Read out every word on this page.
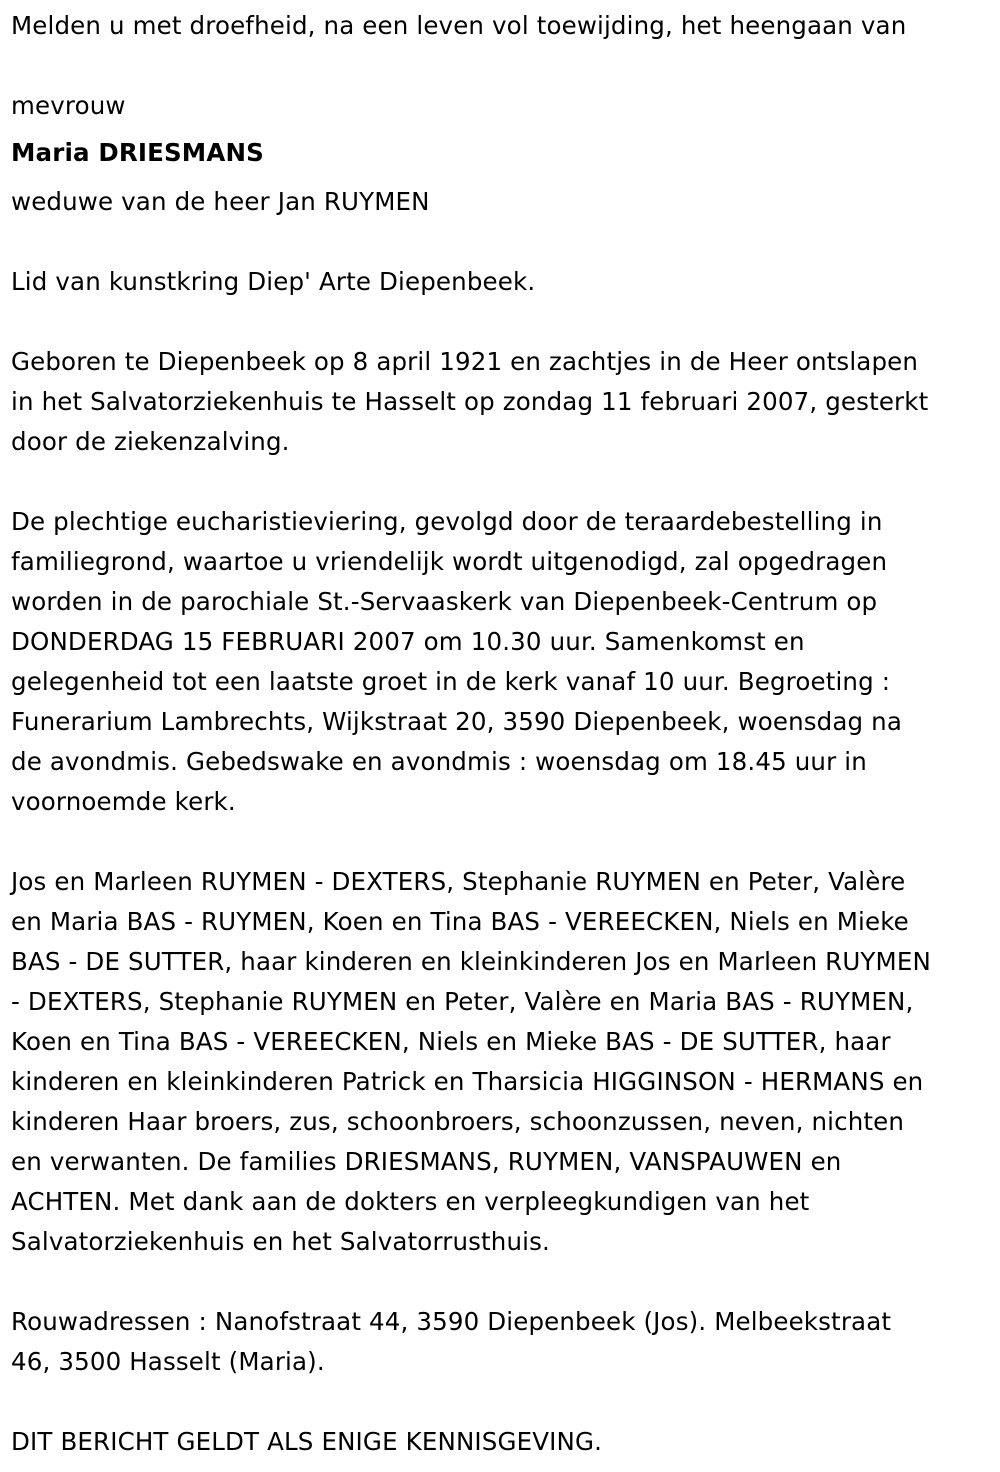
Melden u met droefheid, na een leven vol toewijding, het heengaan van
mevrouw
Maria DRIESMANS
weduwe van de heer Jan RUYMEN
Lid van kunstkring Diep' Arte Diepenbeek.
Geboren te Diepenbeek op 8 april 1921 en zachtjes in de Heer ontslapen
in het Salvatorziekenhuis te Hasselt op zondag 11 februari 2007, gesterkt
door de ziekenzalving.
De plechtige eucharistieviering, gevolgd door de teraardebestelling in
familiegrond, waartoe u vriendelijk wordt uitgenodigd, zal opgedragen
worden in de parochiale St.-Servaaskerk van Diepenbeek-Centrum op
DONDERDAG 15 FEBRUARI 2007 om 10.30 uur. Samenkomst en
gelegenheid tot een laatste groet in de kerk vanaf 10 uur. Begroeting :
Funerarium Lambrechts, Wijkstraat 20, 3590 Diepenbeek, woensdag na
de avondmis. Gebedswake en avondmis : woensdag om 18.45 uur in
voornoemde kerk.
Jos en Marleen RUYMEN - DEXTERS, Stephanie RUYMEN en Peter, Valère
en Maria BAS - RUYMEN, Koen en Tina BAS - VEREECKEN, Niels en Mieke
BAS - DE SUTTER, haar kinderen en kleinkinderen Jos en Marleen RUYMEN
- DEXTERS, Stephanie RUYMEN en Peter, Valère en Maria BAS - RUYMEN,
Koen en Tina BAS - VEREECKEN, Niels en Mieke BAS - DE SUTTER, haar
kinderen en kleinkinderen Patrick en Tharsicia HIGGINSON - HERMANS en
kinderen Haar broers, zus, schoonbroers, schoonzussen, neven, nichten
en verwanten. De families DRIESMANS, RUYMEN, VANSPAUWEN en
ACHTEN. Met dank aan de dokters en verpleegkundigen van het
Salvatorziekenhuis en het Salvatorrusthuis.
Rouwadressen : Nanofstraat 44, 3590 Diepenbeek (Jos). Melbeekstraat
46, 3500 Hasselt (Maria).
DIT BERICHT GELDT ALS ENIGE KENNISGEVING.
